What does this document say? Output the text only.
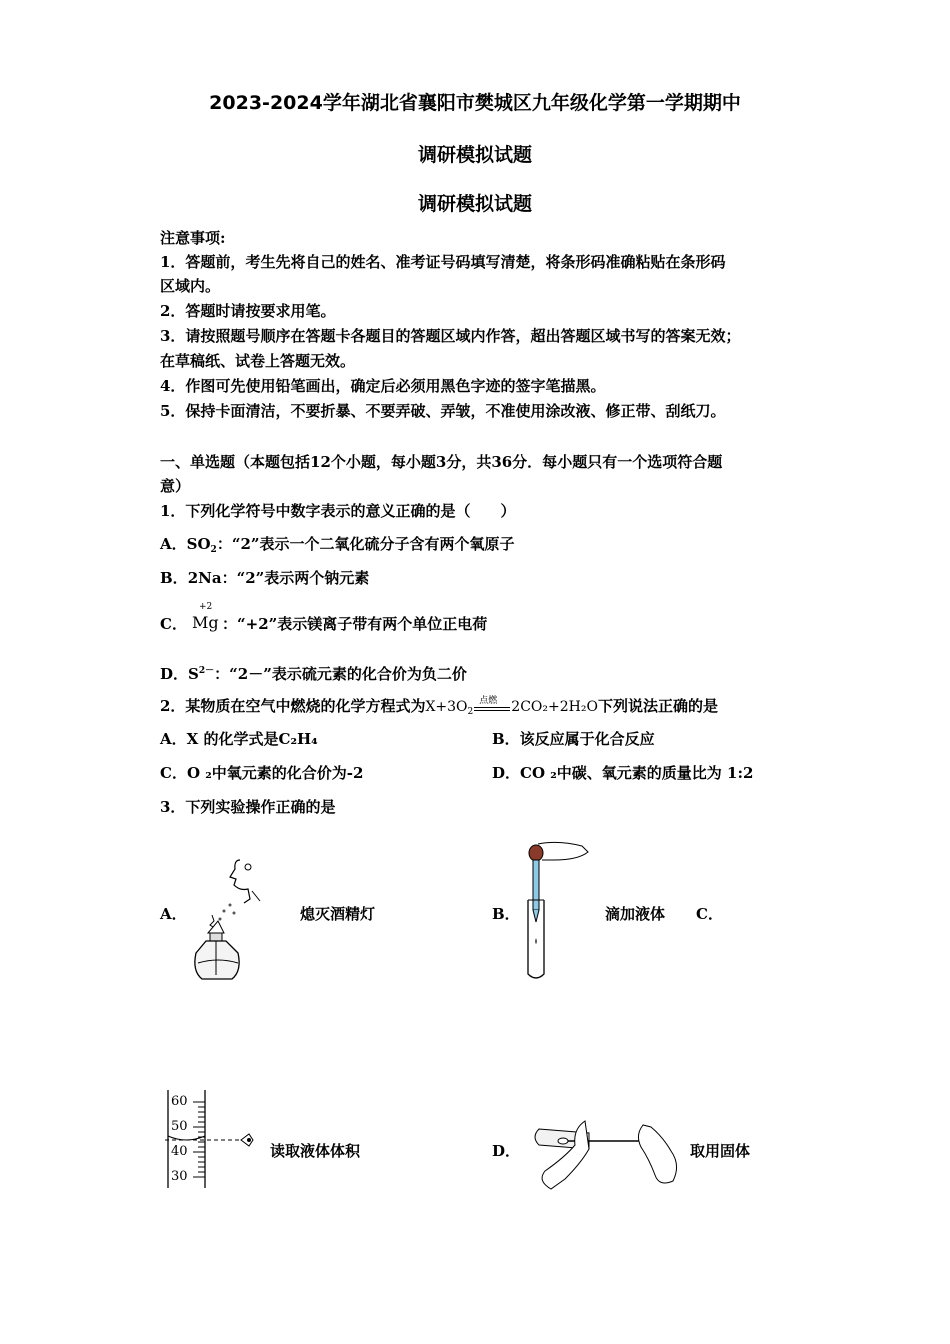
2023-2024学年湖北省襄阳市樊城区九年级化学第一学期期中
调研模拟试题
调研模拟试题
注意事项:
1．答题前，考生先将自己的姓名、准考证号码填写清楚，将条形码准确粘贴在条形码
区域内。
2．答题时请按要求用笔。
3．请按照题号顺序在答题卡各题目的答题区域内作答，超出答题区域书写的答案无效；
在草稿纸、试卷上答题无效。
4．作图可先使用铅笔画出，确定后必须用黑色字迹的签字笔描黑。
5．保持卡面清洁，不要折暴、不要弄破、弄皱，不准使用涂改液、修正带、刮纸刀。
一、单选题（本题包括12个小题，每小题3分，共36分．每小题只有一个选项符合题
意）
1．下列化学符号中数字表示的意义正确的是（　　）
A．$SO_2$：“2”表示一个二氧化硫分子含有两个氧原子
B．2Na：“2”表示两个钠元素
C．
+2
Mg ：“+2”表示镁离子带有两个单位正电荷
D．$S^{2-}$：“2－”表示硫元素的化合价为负二价
2．某物质在空气中燃烧的化学方程式为$X+3O_2$
点燃 2CO₂+2H₂O下列说法正确的是
A．X 的化学式是C₂H₄	B．该反应属于化合反应
C．O ₂中氧元素的化合价为-2	D．CO ₂中碳、氧元素的质量比为 1:2
3．下列实验操作正确的是
A．	熄灭酒精灯	B．	滴加液体 C．
60
50
40
30
读取液体体积	D．	取用固体
